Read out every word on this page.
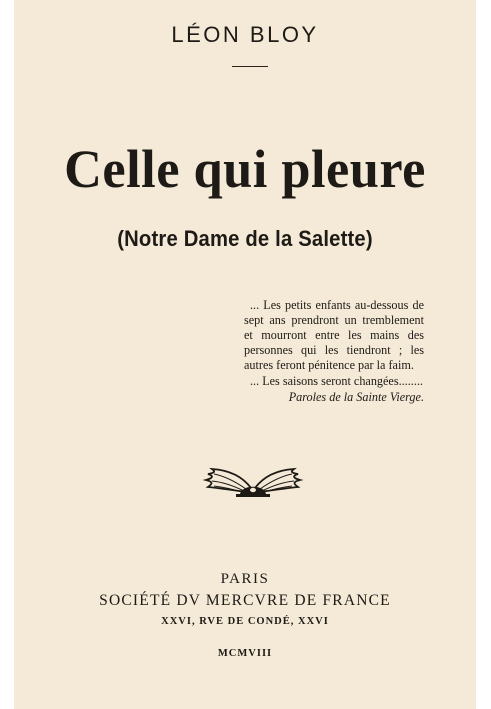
LÉON BLOY
Celle qui pleure
(Notre Dame de la Salette)

... Les petits enfants au-dessous de sept ans prendront un tremblement et mourront entre les mains des personnes qui les tiendront ; les autres feront pénitence par la faim.

... Les saisons seront changées........

Paroles de la Sainte Vierge.

PARIS
SOCIÉTÉ DV MERCVRE DE FRANCE
XXVI, RVE DE CONDÉ, XXVI
MCMVIII
